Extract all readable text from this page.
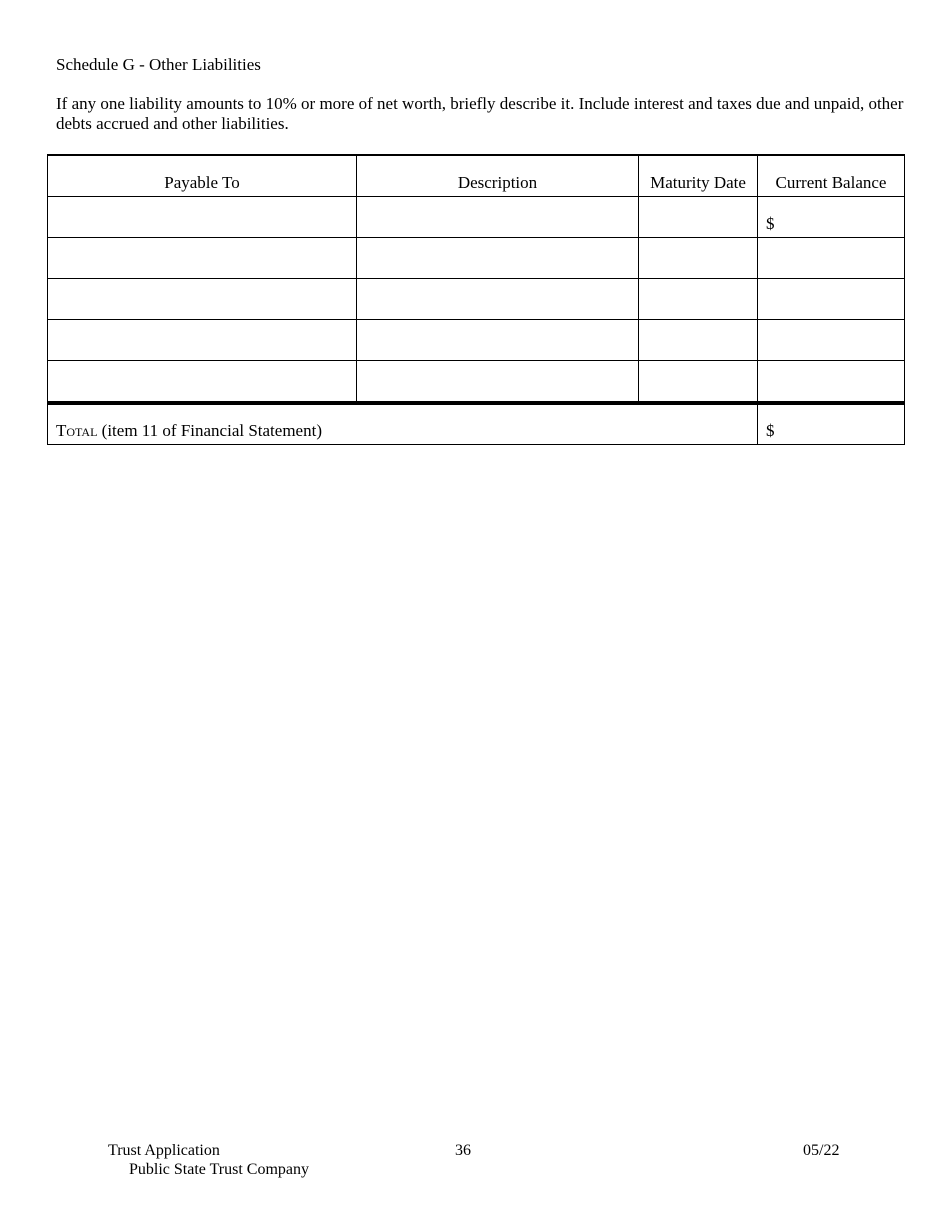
Schedule G - Other Liabilities
If any one liability amounts to 10% or more of net worth, briefly describe it. Include interest and taxes due and unpaid, other debts accrued and other liabilities.
Payable To	Description	Maturity Date	Current Balance
			$

Total (item 11 of Financial Statement)			$
Trust Application
Public State Trust Company
36	05/22
